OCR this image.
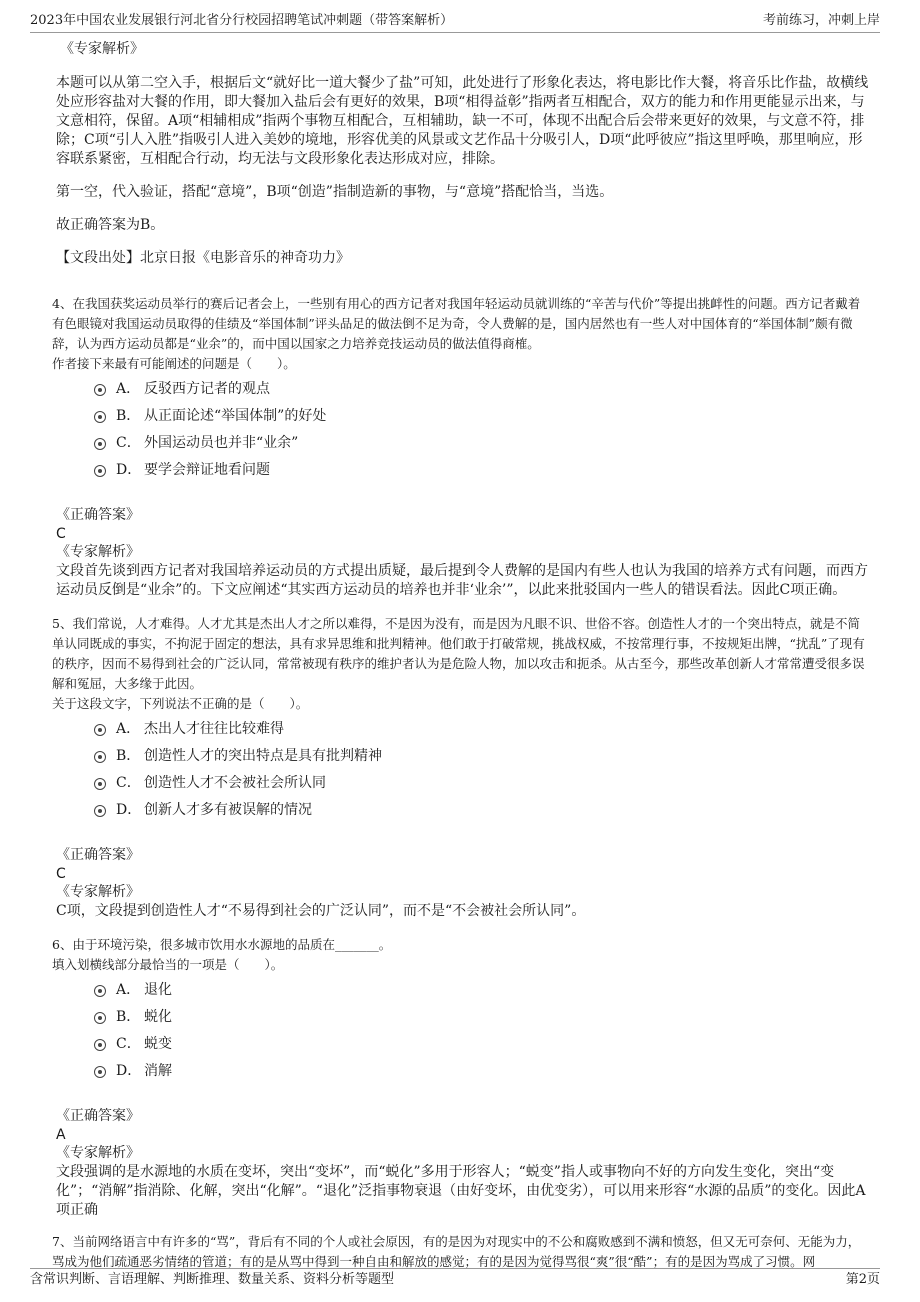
2023年中国农业发展银行河北省分行校园招聘笔试冲刺题（带答案解析）	考前练习，冲刺上岸

《专家解析》

本题可以从第二空入手，根据后文“就好比一道大餐少了盐”可知，此处进行了形象化表达，将电影比作大餐，将音乐比作盐，故横线处应形容盐对大餐的作用，即大餐加入盐后会有更好的效果，B项“相得益彰”指两者互相配合，双方的能力和作用更能显示出来，与文意相符，保留。A项“相辅相成”指两个事物互相配合，互相辅助，缺一不可，体现不出配合后会带来更好的效果，与文意不符，排除；C项“引人入胜”指吸引人进入美妙的境地，形容优美的风景或文艺作品十分吸引人，D项“此呼彼应”指这里呼唤，那里响应，形容联系紧密，互相配合行动，均无法与文段形象化表达形成对应，排除。

第一空，代入验证，搭配“意境”，B项“创造”指制造新的事物，与“意境”搭配恰当，当选。

故正确答案为B。

【文段出处】北京日报《电影音乐的神奇功力》

4、在我国获奖运动员举行的赛后记者会上，一些别有用心的西方记者对我国年轻运动员就训练的“辛苦与代价”等提出挑衅性的问题。西方记者戴着有色眼镜对我国运动员取得的佳绩及“举国体制”评头品足的做法倒不足为奇，令人费解的是，国内居然也有一些人对中国体育的“举国体制”颇有微辞，认为西方运动员都是“业余”的，而中国以国家之力培养竞技运动员的做法值得商榷。

作者接下来最有可能阐述的问题是（　　）。

A． 反驳西方记者的观点
B． 从正面论述“举国体制”的好处
C． 外国运动员也并非“业余”
D． 要学会辩证地看问题

《正确答案》

C

《专家解析》

文段首先谈到西方记者对我国培养运动员的方式提出质疑，最后提到令人费解的是国内有些人也认为我国的培养方式有问题，而西方运动员反倒是“业余”的。下文应阐述“其实西方运动员的培养也并非‘业余’”，以此来批驳国内一些人的错误看法。因此C项正确。

5、我们常说，人才难得。人才尤其是杰出人才之所以难得，不是因为没有，而是因为凡眼不识、世俗不容。创造性人才的一个突出特点，就是不简单认同既成的事实，不拘泥于固定的想法，具有求异思维和批判精神。他们敢于打破常规，挑战权威，不按常理行事，不按规矩出牌，“扰乱”了现有的秩序，因而不易得到社会的广泛认同，常常被现有秩序的维护者认为是危险人物，加以攻击和扼杀。从古至今，那些改革创新人才常常遭受很多误解和冤屈，大多缘于此因。

关于这段文字，下列说法不正确的是（　　）。

A． 杰出人才往往比较难得
B． 创造性人才的突出特点是具有批判精神
C． 创造性人才不会被社会所认同
D． 创新人才多有被误解的情况

《正确答案》

C

《专家解析》

C项，文段提到创造性人才“不易得到社会的广泛认同”，而不是“不会被社会所认同”。

6、由于环境污染，很多城市饮用水水源地的品质在_______。

填入划横线部分最恰当的一项是（　　）。

A． 退化
B． 蜕化
C． 蜕变
D． 消解

《正确答案》

A

《专家解析》

文段强调的是水源地的水质在变坏，突出“变坏”，而“蜕化”多用于形容人；“蜕变”指人或事物向不好的方向发生变化，突出“变化”；“消解”指消除、化解，突出“化解”。“退化”泛指事物衰退（由好变坏，由优变劣），可以用来形容“水源的品质”的变化。因此A项正确

7、当前网络语言中有许多的“骂”，背后有不同的个人或社会原因，有的是因为对现实中的不公和腐败感到不满和愤怒，但又无可奈何、无能为力，骂成为他们疏通恶劣情绪的管道；有的是从骂中得到一种自由和解放的感觉；有的是因为觉得骂很“爽”很“酷”；有的是因为骂成了习惯。网

含常识判断、言语理解、判断推理、数量关系、资料分析等题型	第2页
